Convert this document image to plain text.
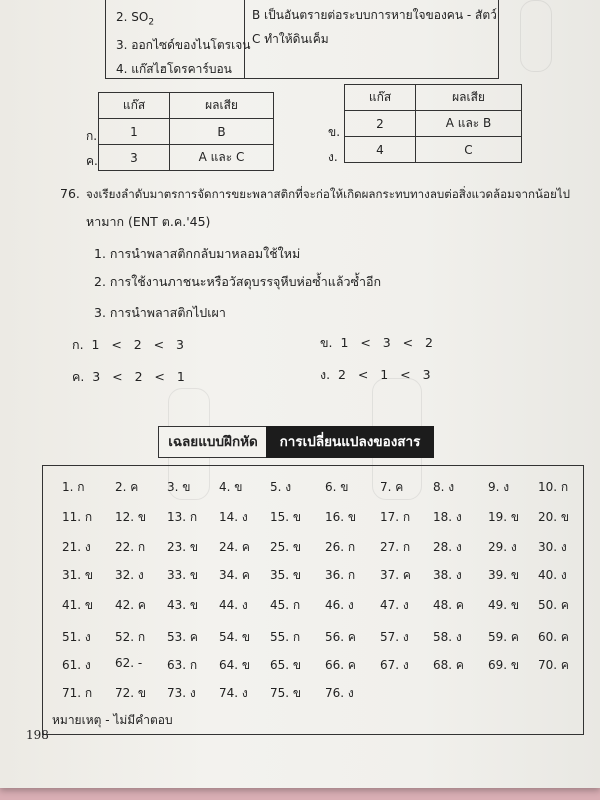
2. $SO_2$
3. ออกไซด์ของไนโตรเจน
4. แก๊สไฮโดรคาร์บอน
B เป็นอันตรายต่อระบบการหายใจของคน - สัตว์
C ทำให้ดินเค็ม
ก.
ค.
แก๊ส	ผลเสีย
1	B
3	A และ C
ข.
ง.
แก๊ส	ผลเสีย
2	A และ B
4	C
76. จงเรียงลำดับมาตรการจัดการขยะพลาสติกที่จะก่อให้เกิดผลกระทบทางลบต่อสิ่งแวดล้อมจากน้อยไป
หามาก (ENT ต.ค.'45)
1. การนำพลาสติกกลับมาหลอมใช้ใหม่
2. การใช้งานภาชนะหรือวัสดุบรรจุหีบห่อซ้ำแล้วซ้ำอีก
3. การนำพลาสติกไปเผา
ก. 1   <   2   <   3	ข. 1   <   3   <   2
ค. 3   <   2   <   1	ง. 2   <   1   <   3
เฉลยแบบฝึกหัด	การเปลี่ยนแปลงของสาร
1. ก	2. ค 3. ข 4. ข 5. ง	6. ข	7. ค 8. ง	9. ง 10. ก
11. ก 12. ข 13. ก 14. ง 15. ข 16. ข 17. ก 18. ง 19. ข 20. ข
21. ง 22. ก 23. ข 24. ค 25. ข 26. ก 27. ก 28. ง 29. ง 30. ง
31. ข 32. ง 33. ข 34. ค 35. ข 36. ก 37. ค 38. ง 39. ข 40. ง
41. ข 42. ค 43. ข 44. ง 45. ก 46. ง 47. ง 48. ค 49. ข 50. ค
51. ง 52. ก 53. ค 54. ข 55. ก 56. ค 57. ง 58. ง 59. ค 60. ค
61. ง 62. - 63. ก 64. ข 65. ข 66. ค 67. ง 68. ค 69. ข 70. ค
71. ก 72. ข 73. ง 74. ง 75. ข 76. ง
หมายเหตุ - ไม่มีคำตอบ
198
